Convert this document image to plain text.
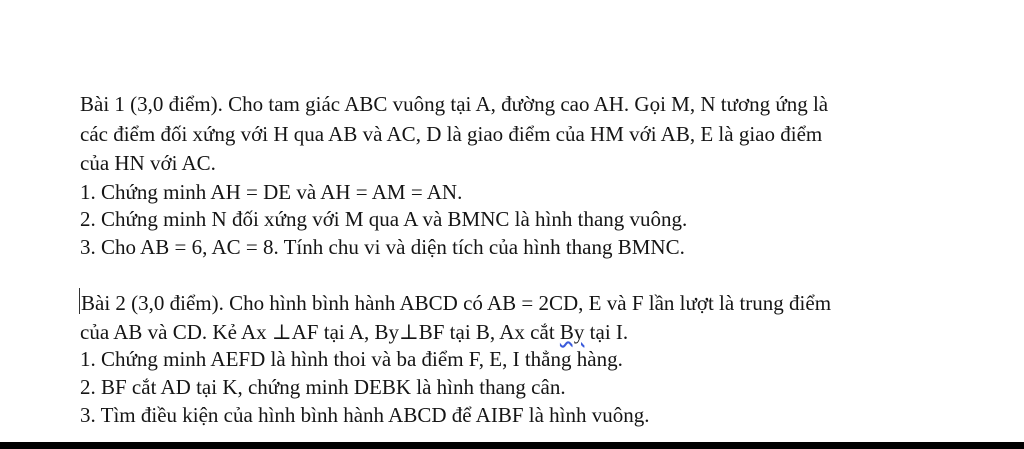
Bài 1 (3,0 điểm). Cho tam giác ABC vuông tại A, đường cao AH. Gọi M, N tương ứng là
các điểm đối xứng với H qua AB và AC, D là giao điểm của HM với AB, E là giao điểm
của HN với AC.
1. Chứng minh AH = DE và AH = AM = AN.
2. Chứng minh N đối xứng với M qua A và BMNC là hình thang vuông.
3. Cho AB = 6, AC = 8. Tính chu vi và diện tích của hình thang BMNC.
Bài 2 (3,0 điểm). Cho hình bình hành ABCD có AB = 2CD, E và F lần lượt là trung điểm
của AB và CD. Kẻ Ax ⊥AF tại A, By⊥BF tại B, Ax cắt By tại I.
1. Chứng minh AEFD là hình thoi và ba điểm F, E, I thẳng hàng.
2. BF cắt AD tại K, chứng minh DEBK là hình thang cân.
3. Tìm điều kiện của hình bình hành ABCD để AIBF là hình vuông.
